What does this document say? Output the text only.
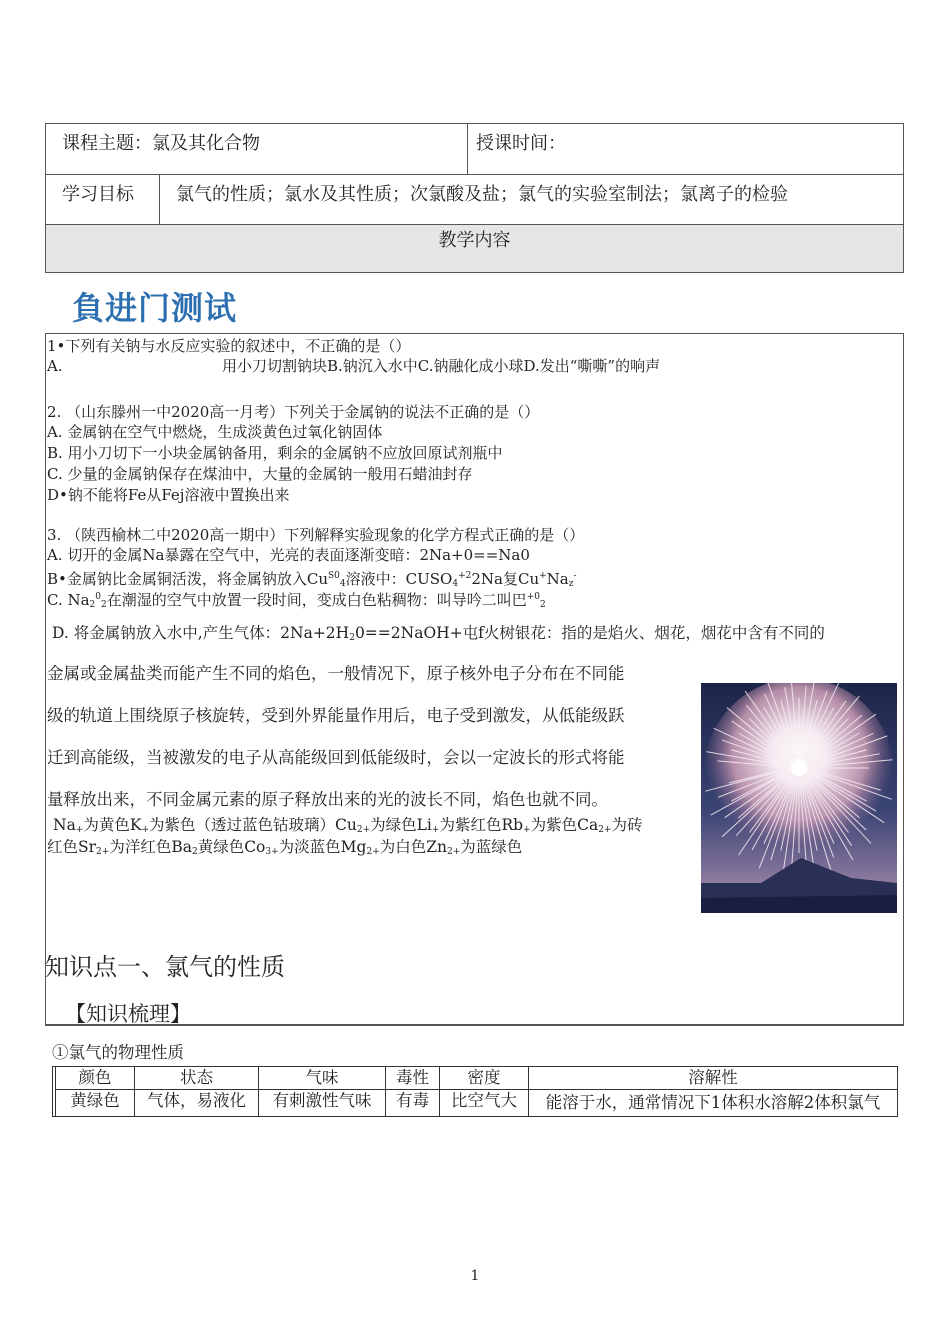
课程主题：氯及其化合物	授课时间：
学习目标	氯气的性质；氯水及其性质；次氯酸及盐；氯气的实验室制法；氯离子的检验
教学内容
負进门测试
1•下列有关钠与水反应实验的叙述中，不正确的是（）
A.	用小刀切割钠块B.钠沉入水中C.钠融化成小球D.发出“嘶嘶”的响声
2. （山东滕州一中2020高一月考）下列关于金属钠的说法不正确的是（）
A. 金属钠在空气中燃烧，生成淡黄色过氧化钠固体
B. 用小刀切下一小块金属钠备用，剩余的金属钠不应放回原试剂瓶中
C. 少量的金属钠保存在煤油中，大量的金属钠一般用石蜡油封存
D•钠不能将Fe从Fej溶液中置换出来
3. （陕西榆林二中2020高一期中）下列解释实验现象的化学方程式正确的是（）
A. 切开的金属Na暴露在空气中，光亮的表面逐渐变暗：2Na+0==Na0
B•金属钠比金属铜活泼，将金属钠放入$Cu^{S0}_4$溶液中：$CUSO_4^{+2}2Na$复$Cu^+Na_z^-$
C. $Na_2^0_2$在潮湿的空气中放置一段时间，变成白色粘稠物：叫导吟二叫巴$^{+0}_2$
D. 将金属钠放入水中,产生气体：$2Na+2H_20==2NaOH+$屯f火树银花：指的是焰火、烟花，烟花中含有不同的
金属或金属盐类而能产生不同的焰色，一般情况下，原子核外电子分布在不同能
级的轨道上围绕原子核旋转，受到外界能量作用后，电子受到激发，从低能级跃
迁到高能级，当被激发的电子从高能级回到低能级时，会以一定波长的形式将能
量释放出来，不同金属元素的原子释放出来的光的波长不同，焰色也就不同。
$Na_+$为黄色$K_+$为紫色（透过蓝色钴玻璃）$Cu_{2+}$为绿色$Li_+$为紫红色$Rb_+$为紫色$Ca_{2+}$为砖
红色$Sr_{2+}$为洋红色$Ba_2$黄绿色$Co_{3+}$为淡蓝色$Mg_{2+}$为白色$Zn_{2+}$为蓝绿色
知识点一、氯气的性质
【知识梳理】
①氯气的物理性质
	颜色	状态	气味	毒性	密度	溶解性
	黄绿色	气体，易液化	有刺激性气味	有毒	比空气大	能溶于水，通常情况下1体积水溶解2体积氯气
1
